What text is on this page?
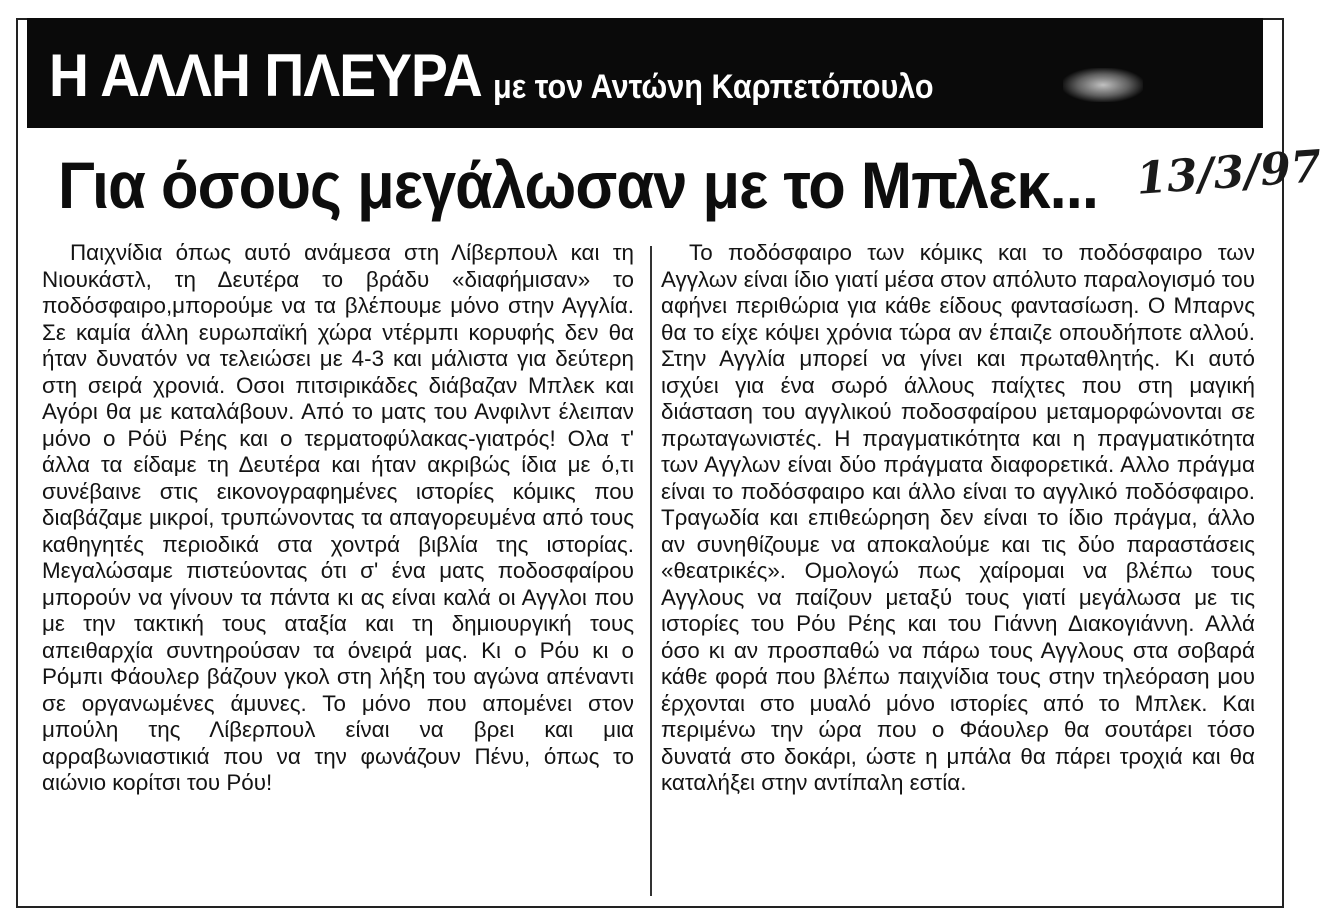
Η ΑΛΛΗ ΠΛΕΥΡΑ με τον Αντώνη Καρπετόπουλο
Για όσους μεγάλωσαν με το Μπλεκ... 13/3/97

Παιχνίδια όπως αυτό ανάμεσα στη Λίβερπουλ και τη Νιουκάστλ, τη Δευτέρα το βράδυ «διαφήμισαν» το ποδόσφαιρο,μπορούμε να τα βλέπουμε μόνο στην Αγγλία. Σε καμία άλλη ευρωπαϊκή χώρα ντέρμπι κορυφής δεν θα ήταν δυνατόν να τελειώσει με 4-3 και μάλιστα για δεύτερη στη σειρά χρονιά. Οσοι πιτσιρικάδες διάβαζαν Μπλεκ και Αγόρι θα με καταλάβουν. Από το ματς του Ανφιλντ έλειπαν μόνο ο Ρόϋ Ρέης και ο τερματοφύλακας-γιατρός! Ολα τ' άλλα τα είδαμε τη Δευτέρα και ήταν ακριβώς ίδια με ό,τι συνέβαινε στις εικονογραφημένες ιστορίες κόμικς που διαβάζαμε μικροί, τρυπώνοντας τα απαγορευμένα από τους καθηγητές περιοδικά στα χοντρά βιβλία της ιστορίας. Μεγαλώσαμε πιστεύοντας ότι σ' ένα ματς ποδοσφαίρου μπορούν να γίνουν τα πάντα κι ας είναι καλά οι Αγγλοι που με την τακτική τους αταξία και τη δημιουργική τους απειθαρχία συντηρούσαν τα όνειρά μας. Κι ο Ρόυ κι ο Ρόμπι Φάουλερ βάζουν γκολ στη λήξη του αγώνα απέναντι σε οργανωμένες άμυνες. Το μόνο που απομένει στον μπούλη της Λίβερπουλ είναι να βρει και μια αρραβωνιαστικιά που να την φωνάζουν Πένυ, όπως το αιώνιο κορίτσι του Ρόυ!

Το ποδόσφαιρο των κόμικς και το ποδόσφαιρο των Αγγλων είναι ίδιο γιατί μέσα στον απόλυτο παραλογισμό του αφήνει περιθώρια για κάθε είδους φαντασίωση. Ο Μπαρνς θα το είχε κόψει χρόνια τώρα αν έπαιζε οπουδήποτε αλλού. Στην Αγγλία μπορεί να γίνει και πρωταθλητής. Κι αυτό ισχύει για ένα σωρό άλλους παίχτες που στη μαγική διάσταση του αγγλικού ποδοσφαίρου μεταμορφώνονται σε πρωταγωνιστές. Η πραγματικότητα και η πραγματικότητα των Αγγλων είναι δύο πράγματα διαφορετικά. Αλλο πράγμα είναι το ποδόσφαιρο και άλλο είναι το αγγλικό ποδόσφαιρο. Τραγωδία και επιθεώρηση δεν είναι το ίδιο πράγμα, άλλο αν συνηθίζουμε να αποκαλούμε και τις δύο παραστάσεις «θεατρικές». Ομολογώ πως χαίρομαι να βλέπω τους Αγγλους να παίζουν μεταξύ τους γιατί μεγάλωσα με τις ιστορίες του Ρόυ Ρέης και του Γιάννη Διακογιάννη. Αλλά όσο κι αν προσπαθώ να πάρω τους Αγγλους στα σοβαρά κάθε φορά που βλέπω παιχνίδια τους στην τηλεόραση μου έρχονται στο μυαλό μόνο ιστορίες από το Μπλεκ. Και περιμένω την ώρα που ο Φάουλερ θα σουτάρει τόσο δυνατά στο δοκάρι, ώστε η μπάλα θα πάρει τροχιά και θα καταλήξει στην αντίπαλη εστία.
